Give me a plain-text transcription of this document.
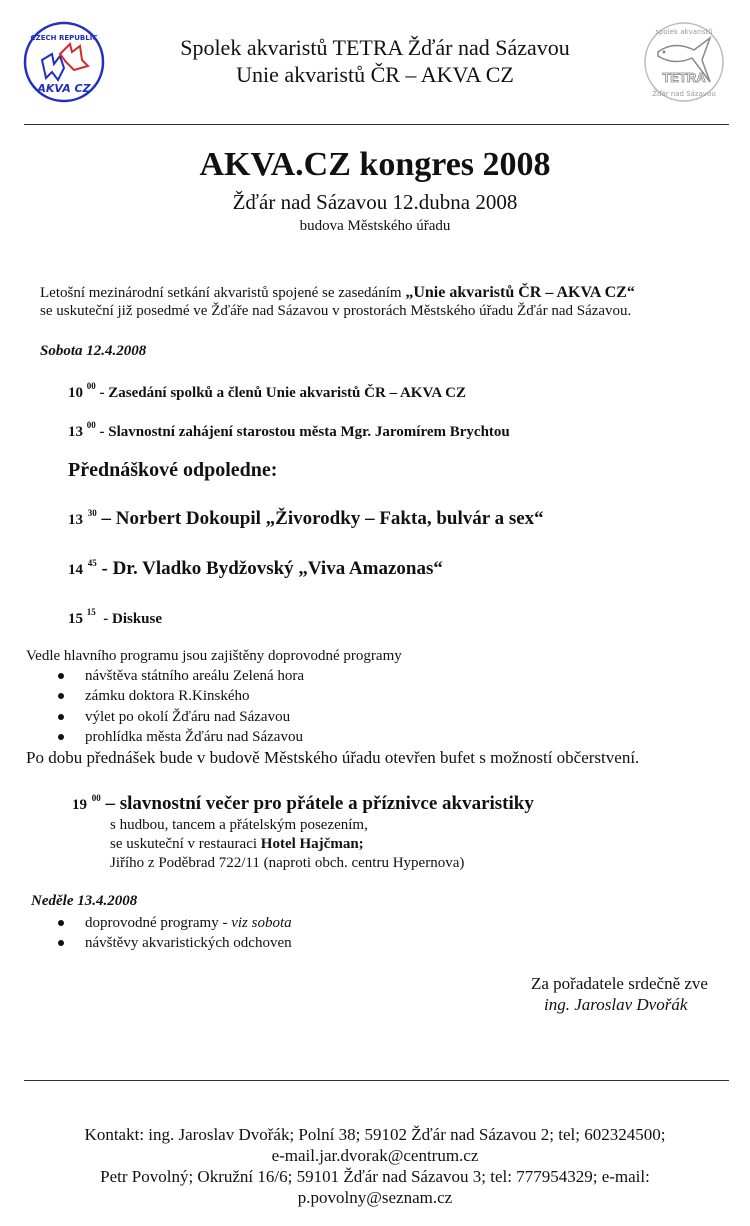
CZECH REPUBLIC
AKVA CZ
spolek akvaristů
TETRA
Žďár nad Sázavou
Spolek akvaristů TETRA Žďár nad Sázavou
Unie akvaristů ČR – AKVA CZ
AKVA.CZ kongres 2008
Žďár nad Sázavou 12.dubna 2008
budova Městského úřadu
Letošní mezinárodní setkání akvaristů spojené se zasedáním „Unie akvaristů ČR – AKVA CZ“
se uskuteční již posedmé ve Žďáře nad Sázavou v prostorách Městského úřadu Žďár nad Sázavou.
Sobota 12.4.2008
10 $^{00}$ - Zasedání spolků a členů Unie akvaristů ČR – AKVA CZ
13 $^{00}$ - Slavnostní zahájení starostou města Mgr. Jaromírem Brychtou
Přednáškové odpoledne:
13 $^{30}$ – Norbert Dokoupil „Živorodky – Fakta, bulvár a sex“
14 $^{45}$ - Dr. Vladko Bydžovský „Viva Amazonas“
15 $^{15}$  - Diskuse
Vedle hlavního programu jsou zajištěny doprovodné programy
návštěva státního areálu Zelená hora
zámku doktora R.Kinského
výlet po okolí Žďáru nad Sázavou
prohlídka města Žďáru nad Sázavou
Po dobu přednášek bude v budově Městského úřadu otevřen bufet s možností občerstvení.
19 $^{00}$ – slavnostní večer pro přátele a příznivce akvaristiky
s hudbou, tancem a přátelským posezením,
se uskuteční v restauraci Hotel Hajčman;
Jiřího z Poděbrad 722/11 (naproti obch. centru Hypernova)
Neděle 13.4.2008
doprovodné programy - viz sobota
návštěvy akvaristických odchoven
Za pořadatele srdečně zve
ing. Jaroslav Dvořák
Kontakt: ing. Jaroslav Dvořák; Polní 38; 59102 Žďár nad Sázavou 2; tel; 602324500;
e-mail.jar.dvorak@centrum.cz
Petr Povolný; Okružní 16/6; 59101 Žďár nad Sázavou 3; tel: 777954329; e-mail:
p.povolny@seznam.cz
